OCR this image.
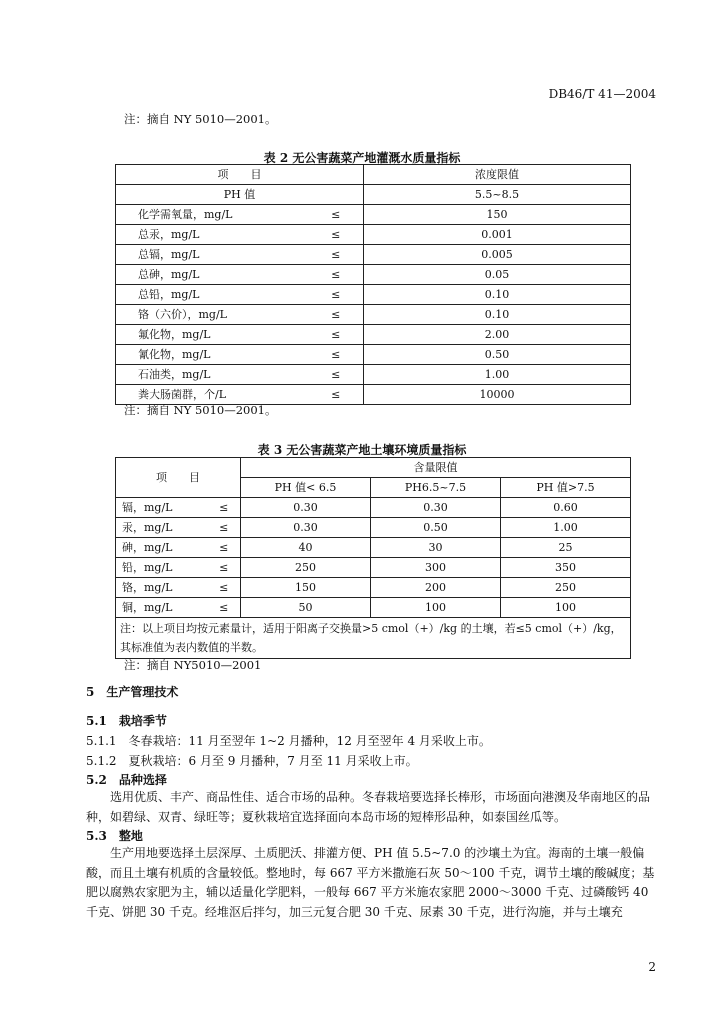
DB46/T 41—2004
注：摘自 NY 5010—2001。
表 2 无公害蔬菜产地灌溉水质量指标
项　　目		浓度限值
PH 值		5.5~8.5
化学需氧量，mg/L	≤	150
总汞，mg/L	≤	0.001
总镉，mg/L	≤	0.005
总砷，mg/L	≤	0.05
总铅，mg/L	≤	0.10
铬（六价），mg/L	≤	0.10
氟化物，mg/L	≤	2.00
氰化物，mg/L	≤	0.50
石油类，mg/L	≤	1.00
粪大肠菌群，个/L	≤	10000
注：摘自 NY 5010—2001。
表 3 无公害蔬菜产地土壤环境质量指标
项　　目		含量限值		
		PH 值< 6.5	PH6.5~7.5	PH 值>7.5
镉，mg/L	≤	0.30	0.30	0.60
汞，mg/L	≤	0.30	0.50	1.00
砷，mg/L	≤	40	30	25
铅，mg/L	≤	250	300	350
铬，mg/L	≤	150	200	250
铜，mg/L	≤	50	100	100
注：以上项目均按元素量计，适用于阳离子交换量>5 cmol（+）/kg 的土壤，若≤5 cmol（+）/kg，其标准值为表内数值的半数。				
注：摘自 NY5010—2001
5　生产管理技术
5.1　栽培季节
5.1.1　冬春栽培：11 月至翌年 1~2 月播种，12 月至翌年 4 月采收上市。
5.1.2　夏秋栽培：6 月至 9 月播种，7 月至 11 月采收上市。
5.2　品种选择
选用优质、丰产、商品性佳、适合市场的品种。冬春栽培要选择长棒形，市场面向港澳及华南地区的品种，如碧绿、双青、绿旺等；夏秋栽培宜选择面向本岛市场的短棒形品种，如泰国丝瓜等。
5.3　整地
生产用地要选择土层深厚、土质肥沃、排灌方便、PH 值 5.5~7.0 的沙壤土为宜。海南的土壤一般偏酸，而且土壤有机质的含量较低。整地时，每 667 平方米撒施石灰 50～100 千克，调节土壤的酸碱度；基肥以腐熟农家肥为主，辅以适量化学肥料，一般每 667 平方米施农家肥 2000～3000 千克、过磷酸钙 40 千克、饼肥 30 千克。经堆沤后拌匀，加三元复合肥 30 千克、尿素 30 千克，进行沟施，并与土壤充
2
